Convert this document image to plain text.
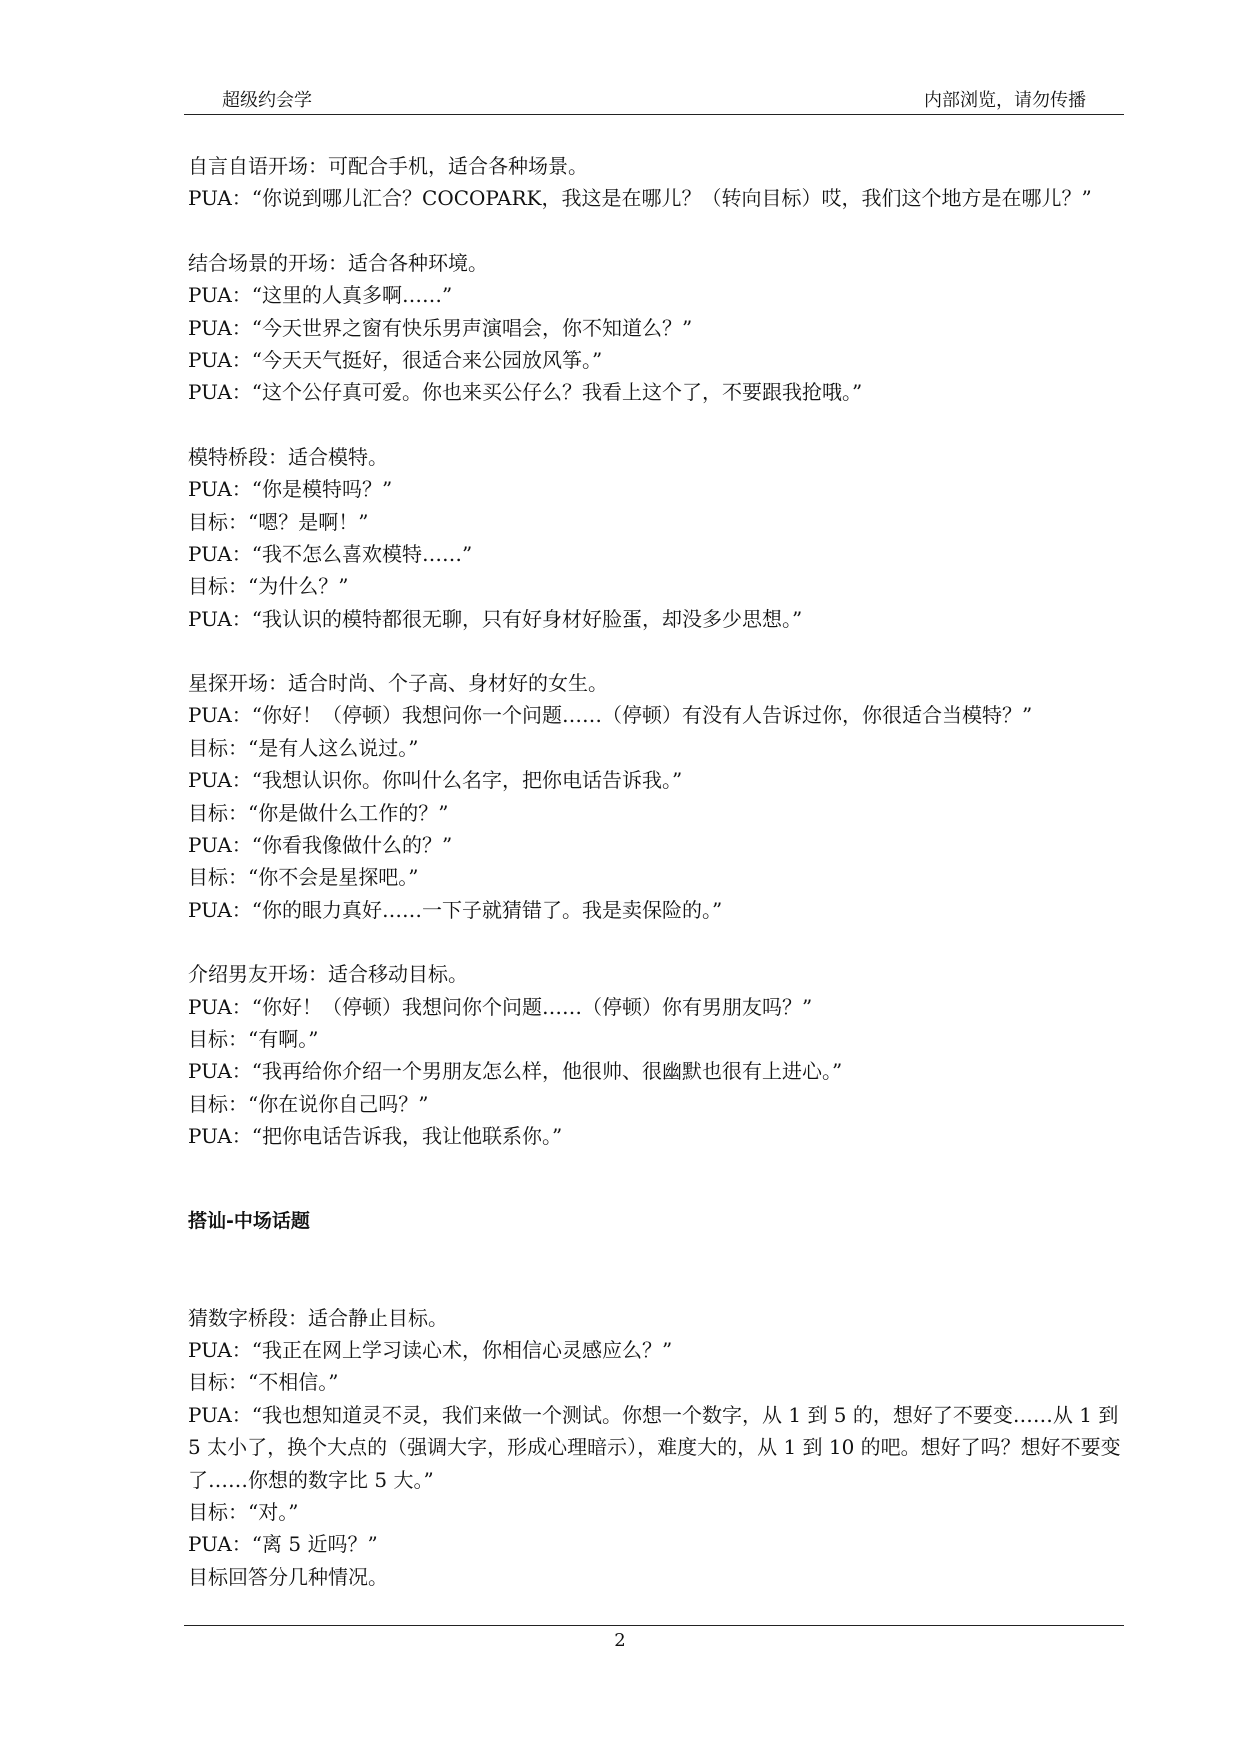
超级约会学	内部浏览，请勿传播
自言自语开场：可配合手机，适合各种场景。
PUA：“你说到哪儿汇合？COCOPARK，我这是在哪儿？（转向目标）哎，我们这个地方是在哪儿？”
结合场景的开场：适合各种环境。
PUA：“这里的人真多啊……”
PUA：“今天世界之窗有快乐男声演唱会，你不知道么？”
PUA：“今天天气挺好，很适合来公园放风筝。”
PUA：“这个公仔真可爱。你也来买公仔么？我看上这个了，不要跟我抢哦。”
模特桥段：适合模特。
PUA：“你是模特吗？”
目标：“嗯？是啊！”
PUA：“我不怎么喜欢模特……”
目标：“为什么？”
PUA：“我认识的模特都很无聊，只有好身材好脸蛋，却没多少思想。”
星探开场：适合时尚、个子高、身材好的女生。
PUA：“你好！（停顿）我想问你一个问题……（停顿）有没有人告诉过你，你很适合当模特？”
目标：“是有人这么说过。”
PUA：“我想认识你。你叫什么名字，把你电话告诉我。”
目标：“你是做什么工作的？”
PUA：“你看我像做什么的？”
目标：“你不会是星探吧。”
PUA：“你的眼力真好……一下子就猜错了。我是卖保险的。”
介绍男友开场：适合移动目标。
PUA：“你好！（停顿）我想问你个问题……（停顿）你有男朋友吗？”
目标：“有啊。”
PUA：“我再给你介绍一个男朋友怎么样，他很帅、很幽默也很有上进心。”
目标：“你在说你自己吗？”
PUA：“把你电话告诉我，我让他联系你。”
搭讪-中场话题
猜数字桥段：适合静止目标。
PUA：“我正在网上学习读心术，你相信心灵感应么？”
目标：“不相信。”
PUA：“我也想知道灵不灵，我们来做一个测试。你想一个数字，从 1 到 5 的，想好了不要变……从 1 到 5 太小了，换个大点的（强调大字，形成心理暗示），难度大的，从 1 到 10 的吧。想好了吗？想好不要变了……你想的数字比 5 大。”
目标：“对。”
PUA：“离 5 近吗？”
目标回答分几种情况。
2
